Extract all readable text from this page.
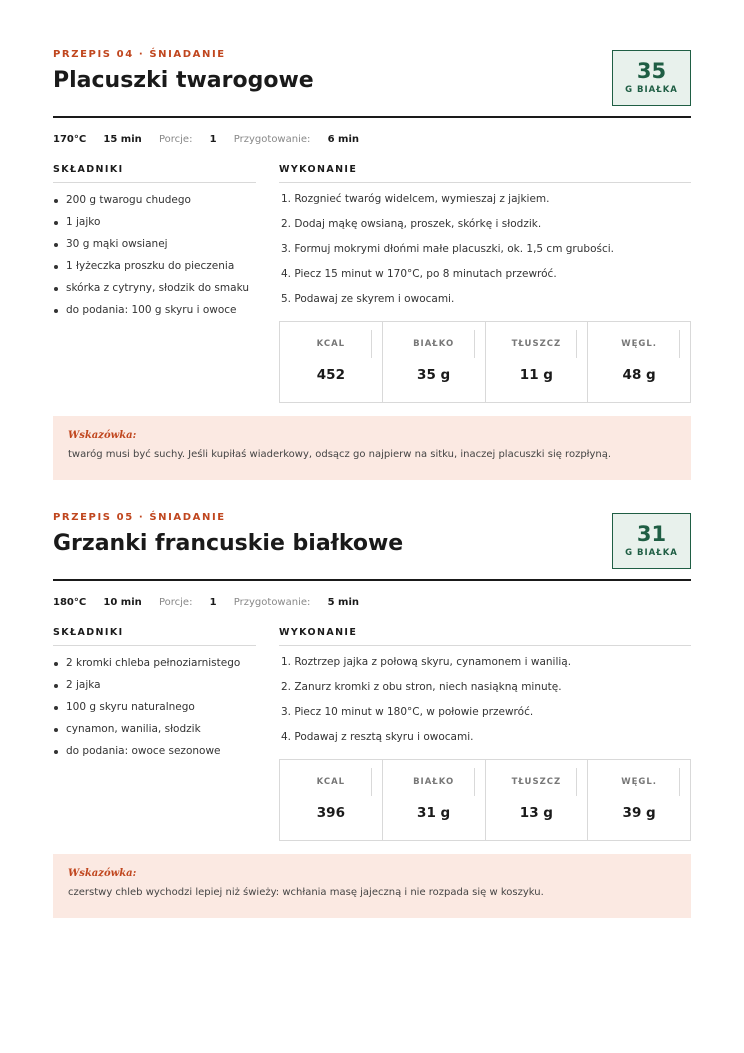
PRZEPIS 04 · ŚNIADANIE
Placuszki twarogowe	35
G BIAŁKA
170°C 15 min Porcje: 1 Przygotowanie: 6 min
SKŁADNIKI
200 g twarogu chudego
1 jajko
30 g mąki owsianej
1 łyżeczka proszku do pieczenia
skórka z cytryny, słodzik do smaku
do podania: 100 g skyru i owoce
WYKONANIE
1. Rozgnieć twaróg widelcem, wymieszaj z jajkiem.
2. Dodaj mąkę owsianą, proszek, skórkę i słodzik.
3. Formuj mokrymi dłońmi małe placuszki, ok. 1,5 cm grubości.
4. Piecz 15 minut w 170°C, po 8 minutach przewróć.
5. Podawaj ze skyrem i owocami.
KCAL
452
BIAŁKO
35 g
TŁUSZCZ
11 g
WĘGL.
48 g
Wskazówka:
twaróg musi być suchy. Jeśli kupiłaś wiaderkowy, odsącz go najpierw na sitku, inaczej placuszki się rozpłyną.
PRZEPIS 05 · ŚNIADANIE
Grzanki francuskie białkowe	31
G BIAŁKA
180°C 10 min Porcje: 1 Przygotowanie: 5 min
SKŁADNIKI
2 kromki chleba pełnoziarnistego
2 jajka
100 g skyru naturalnego
cynamon, wanilia, słodzik
do podania: owoce sezonowe
WYKONANIE
1. Roztrzep jajka z połową skyru, cynamonem i wanilią.
2. Zanurz kromki z obu stron, niech nasiąkną minutę.
3. Piecz 10 minut w 180°C, w połowie przewróć.
4. Podawaj z resztą skyru i owocami.
KCAL
396
BIAŁKO
31 g
TŁUSZCZ
13 g
WĘGL.
39 g
Wskazówka:
czerstwy chleb wychodzi lepiej niż świeży: wchłania masę jajeczną i nie rozpada się w koszyku.
